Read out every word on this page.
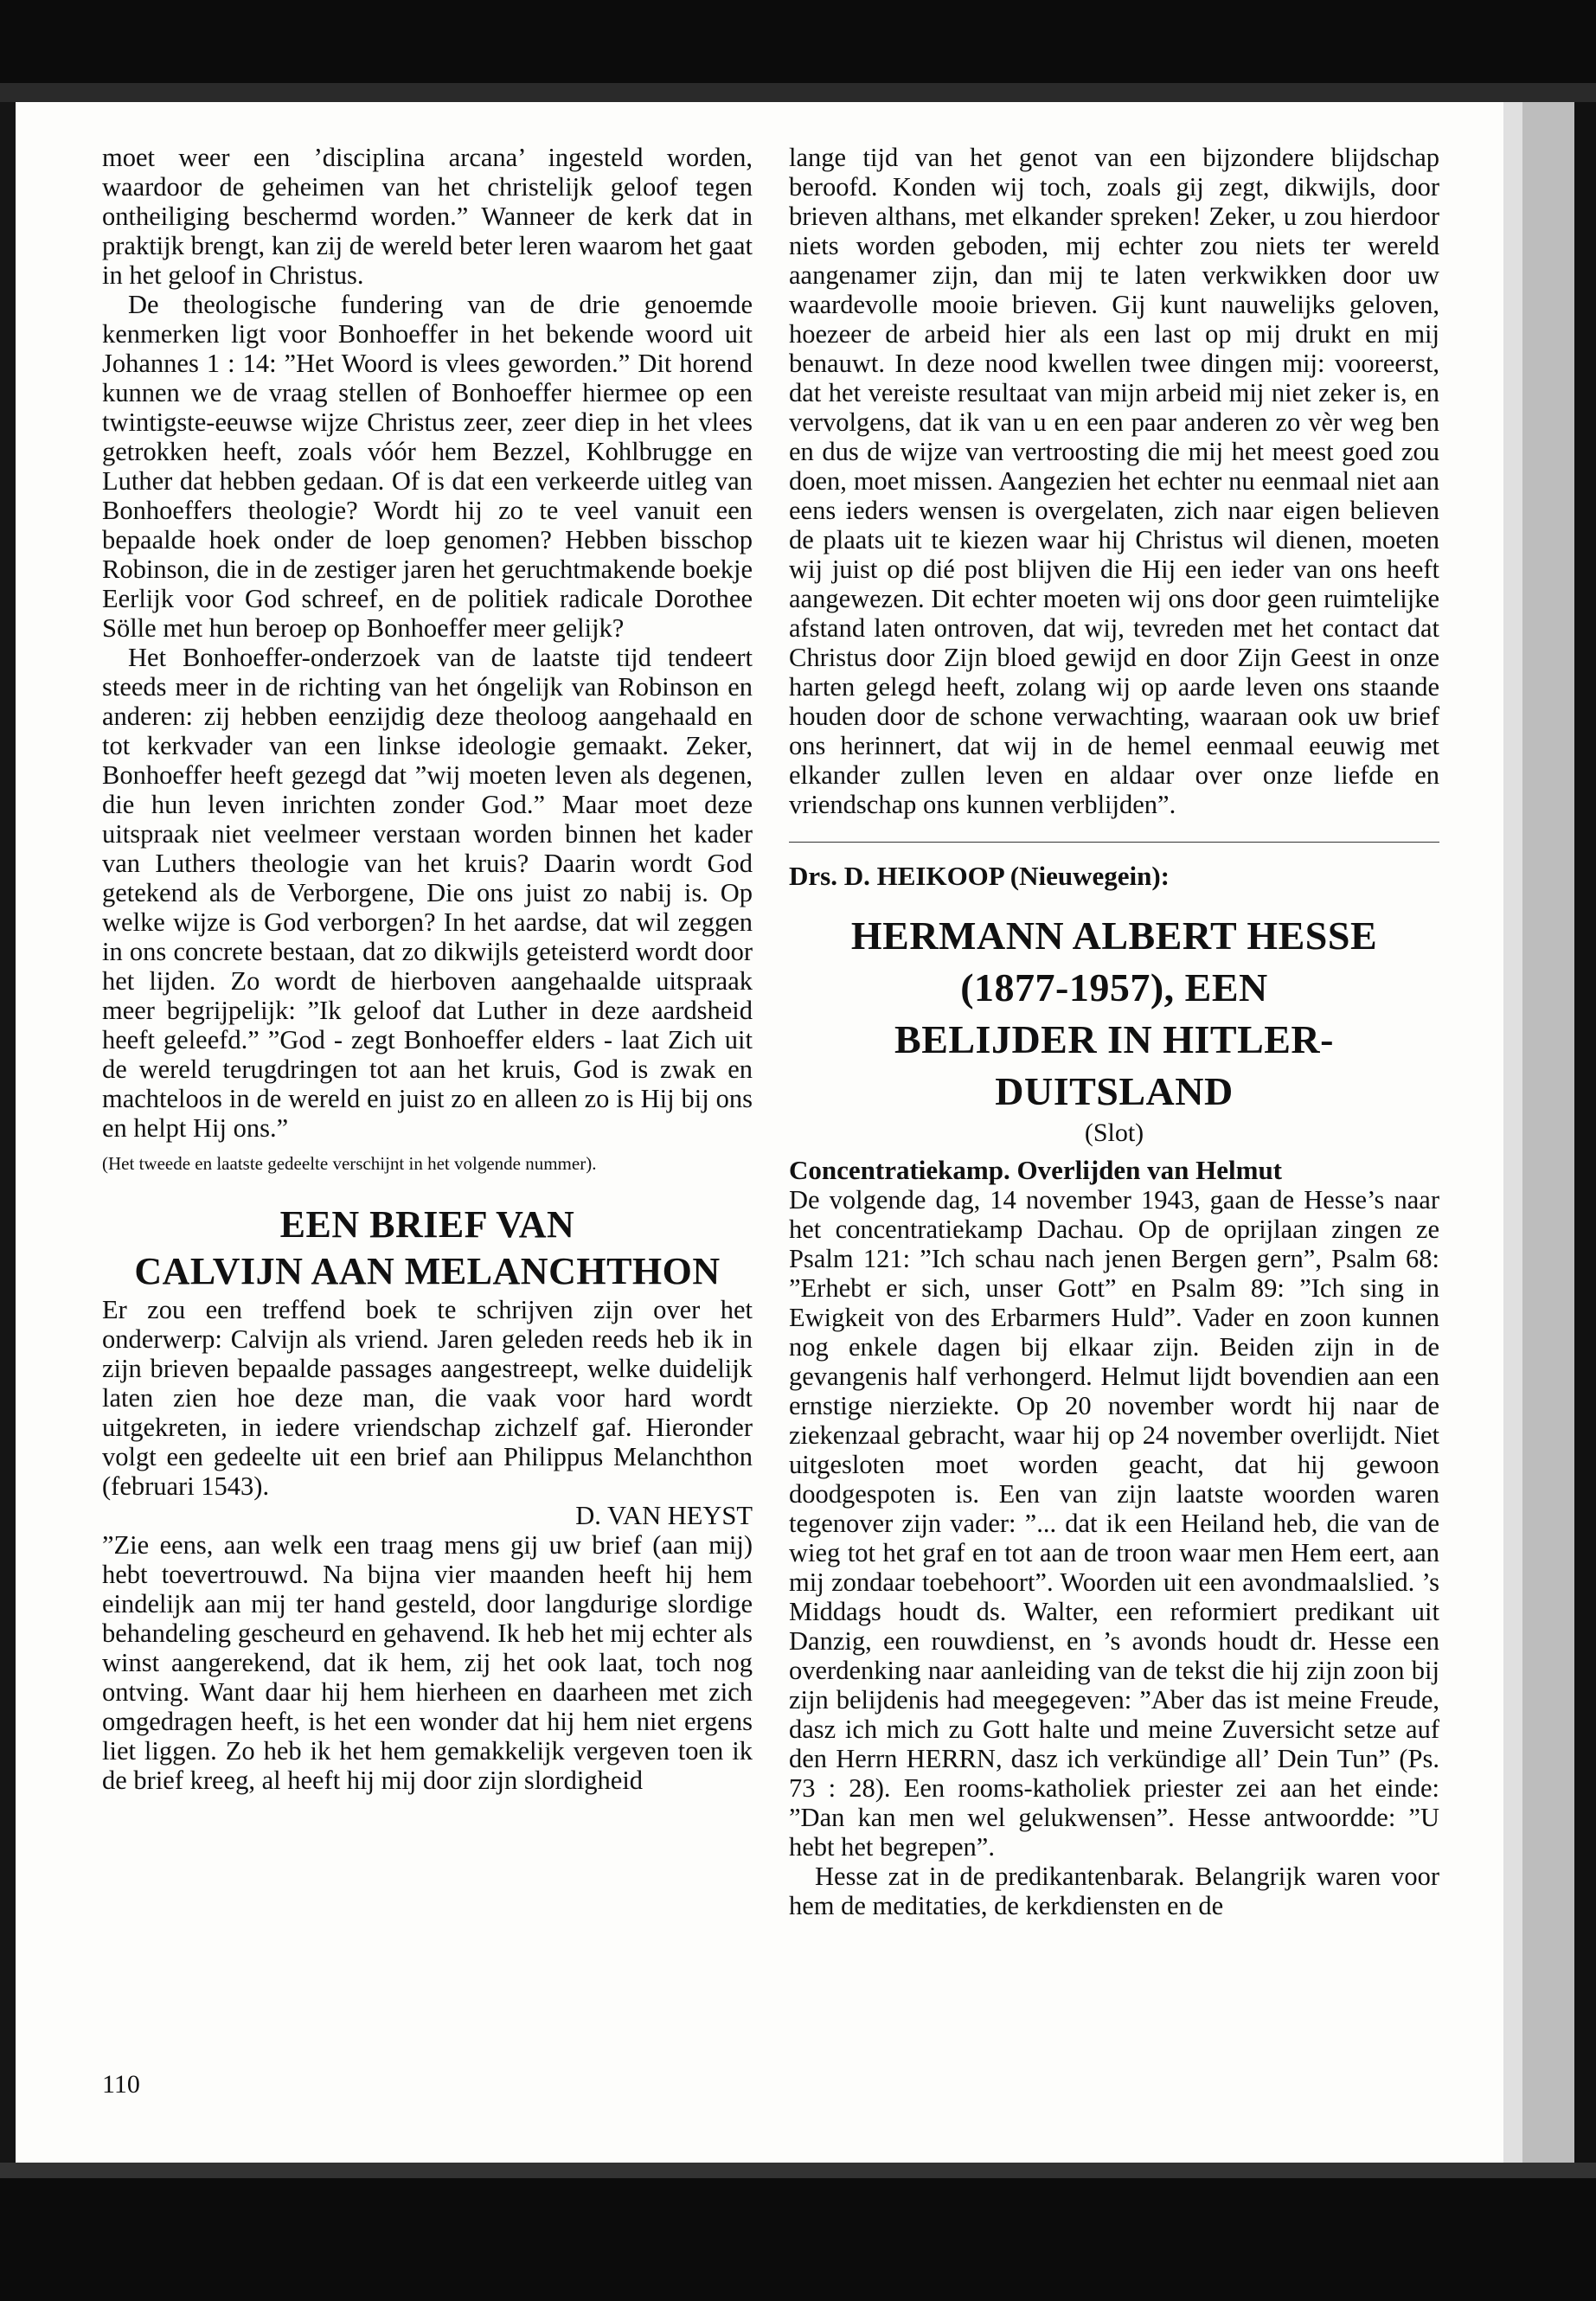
moet weer een ’disciplina arcana’ ingesteld worden, waardoor de geheimen van het christelijk geloof tegen ontheiliging beschermd worden.” Wanneer de kerk dat in praktijk brengt, kan zij de wereld beter leren waarom het gaat in het geloof in Christus.

De theologische fundering van de drie genoemde kenmerken ligt voor Bonhoeffer in het bekende woord uit Johannes 1 : 14: ”Het Woord is vlees geworden.” Dit horend kunnen we de vraag stellen of Bonhoeffer hiermee op een twintigste-eeuwse wijze Christus zeer, zeer diep in het vlees getrokken heeft, zoals vóór hem Bezzel, Kohlbrugge en Luther dat hebben gedaan. Of is dat een verkeerde uitleg van Bonhoeffers theologie? Wordt hij zo te veel vanuit een bepaalde hoek onder de loep genomen? Hebben bisschop Robinson, die in de zestiger jaren het geruchtmakende boekje Eerlijk voor God schreef, en de politiek radicale Dorothee Sölle met hun beroep op Bonhoeffer meer gelijk?

Het Bonhoeffer-onderzoek van de laatste tijd tendeert steeds meer in de richting van het óngelijk van Robinson en anderen: zij hebben eenzijdig deze theoloog aangehaald en tot kerkvader van een linkse ideologie gemaakt. Zeker, Bonhoeffer heeft gezegd dat ”wij moeten leven als degenen, die hun leven inrichten zonder God.” Maar moet deze uitspraak niet veelmeer verstaan worden binnen het kader van Luthers theologie van het kruis? Daarin wordt God getekend als de Verborgene, Die ons juist zo nabij is. Op welke wijze is God verborgen? In het aardse, dat wil zeggen in ons concrete bestaan, dat zo dikwijls geteisterd wordt door het lijden. Zo wordt de hierboven aangehaalde uitspraak meer begrijpelijk: ”Ik geloof dat Luther in deze aardsheid heeft geleefd.” ”God - zegt Bonhoeffer elders - laat Zich uit de wereld terugdringen tot aan het kruis, God is zwak en machteloos in de wereld en juist zo en alleen zo is Hij bij ons en helpt Hij ons.”

(Het tweede en laatste gedeelte verschijnt in het volgende nummer).

EEN BRIEF VAN

CALVIJN AAN MELANCHTHON

Er zou een treffend boek te schrijven zijn over het onderwerp: Calvijn als vriend. Jaren geleden reeds heb ik in zijn brieven bepaalde passages aangestreept, welke duidelijk laten zien hoe deze man, die vaak voor hard wordt uitgekreten, in iedere vriendschap zichzelf gaf. Hieronder volgt een gedeelte uit een brief aan Philippus Melanchthon (februari 1543).

D. VAN HEYST

”Zie eens, aan welk een traag mens gij uw brief (aan mij) hebt toevertrouwd. Na bijna vier maanden heeft hij hem eindelijk aan mij ter hand gesteld, door langdurige slordige behandeling gescheurd en gehavend. Ik heb het mij echter als winst aangerekend, dat ik hem, zij het ook laat, toch nog ontving. Want daar hij hem hierheen en daarheen met zich omgedragen heeft, is het een wonder dat hij hem niet ergens liet liggen. Zo heb ik het hem gemakkelijk vergeven toen ik de brief kreeg, al heeft hij mij door zijn slordigheid

lange tijd van het genot van een bijzondere blijdschap beroofd. Konden wij toch, zoals gij zegt, dikwijls, door brieven althans, met elkander spreken! Zeker, u zou hierdoor niets worden geboden, mij echter zou niets ter wereld aangenamer zijn, dan mij te laten verkwikken door uw waardevolle mooie brieven. Gij kunt nauwelijks geloven, hoezeer de arbeid hier als een last op mij drukt en mij benauwt. In deze nood kwellen twee dingen mij: vooreerst, dat het vereiste resultaat van mijn arbeid mij niet zeker is, en vervolgens, dat ik van u en een paar anderen zo vèr weg ben en dus de wijze van vertroosting die mij het meest goed zou doen, moet missen. Aangezien het echter nu eenmaal niet aan eens ieders wensen is overgelaten, zich naar eigen believen de plaats uit te kiezen waar hij Christus wil dienen, moeten wij juist op dié post blijven die Hij een ieder van ons heeft aangewezen. Dit echter moeten wij ons door geen ruimtelijke afstand laten ontroven, dat wij, tevreden met het contact dat Christus door Zijn bloed gewijd en door Zijn Geest in onze harten gelegd heeft, zolang wij op aarde leven ons staande houden door de schone verwachting, waaraan ook uw brief ons herinnert, dat wij in de hemel eenmaal eeuwig met elkander zullen leven en aldaar over onze liefde en vriendschap ons kunnen verblijden”.

Drs. D. HEIKOOP (Nieuwegein):

HERMANN ALBERT HESSE

(1877-1957), EEN

BELIJDER IN HITLER-DUITSLAND

(Slot)

Concentratiekamp. Overlijden van Helmut

De volgende dag, 14 november 1943, gaan de Hesse’s naar het concentratiekamp Dachau. Op de oprijlaan zingen ze Psalm 121: ”Ich schau nach jenen Bergen gern”, Psalm 68: ”Erhebt er sich, unser Gott” en Psalm 89: ”Ich sing in Ewigkeit von des Erbarmers Huld”. Vader en zoon kunnen nog enkele dagen bij elkaar zijn. Beiden zijn in de gevangenis half verhongerd. Helmut lijdt bovendien aan een ernstige nierziekte. Op 20 november wordt hij naar de ziekenzaal gebracht, waar hij op 24 november overlijdt. Niet uitgesloten moet worden geacht, dat hij gewoon doodgespoten is. Een van zijn laatste woorden waren tegenover zijn vader: ”... dat ik een Heiland heb, die van de wieg tot het graf en tot aan de troon waar men Hem eert, aan mij zondaar toebehoort”. Woorden uit een avondmaalslied. ’s Middags houdt ds. Walter, een reformiert predikant uit Danzig, een rouwdienst, en ’s avonds houdt dr. Hesse een overdenking naar aanleiding van de tekst die hij zijn zoon bij zijn belijdenis had meegegeven: ”Aber das ist meine Freude, dasz ich mich zu Gott halte und meine Zuversicht setze auf den Herrn HERRN, dasz ich verkündige all’ Dein Tun” (Ps. 73 : 28). Een rooms-katholiek priester zei aan het einde: ”Dan kan men wel gelukwensen”. Hesse antwoordde: ”U hebt het begrepen”.

Hesse zat in de predikantenbarak. Belangrijk waren voor hem de meditaties, de kerkdiensten en de

110
